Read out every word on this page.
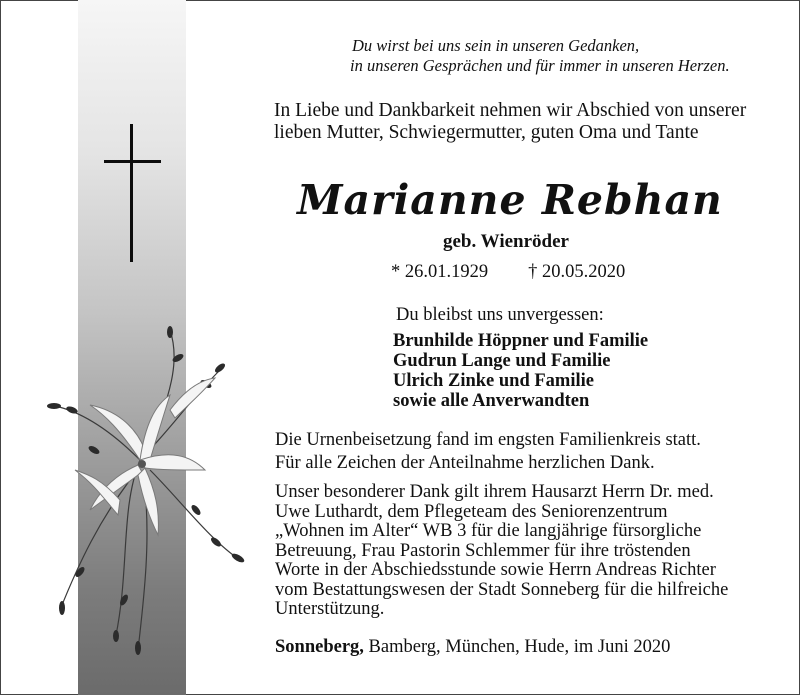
Du wirst bei uns sein in unseren Gedanken,
in unseren Gesprächen und für immer in unseren Herzen.
In Liebe und Dankbarkeit nehmen wir Abschied von unserer
lieben Mutter, Schwiegermutter, guten Oma und Tante
Marianne Rebhan
geb. Wienröder
* 26.01.1929 † 20.05.2020
Du bleibst uns unvergessen:
Brunhilde Höppner und Familie
Gudrun Lange und Familie
Ulrich Zinke und Familie
sowie alle Anverwandten
Die Urnenbeisetzung fand im engsten Familienkreis statt.
Für alle Zeichen der Anteilnahme herzlichen Dank.
Unser besonderer Dank gilt ihrem Hausarzt Herrn Dr. med.
Uwe Luthardt, dem Pflegeteam des Seniorenzentrum
„Wohnen im Alter“ WB 3 für die langjährige fürsorgliche
Betreuung, Frau Pastorin Schlemmer für ihre tröstenden
Worte in der Abschiedsstunde sowie Herrn Andreas Richter
vom Bestattungswesen der Stadt Sonneberg für die hilfreiche
Unterstützung.
Sonneberg, Bamberg, München, Hude, im Juni 2020
